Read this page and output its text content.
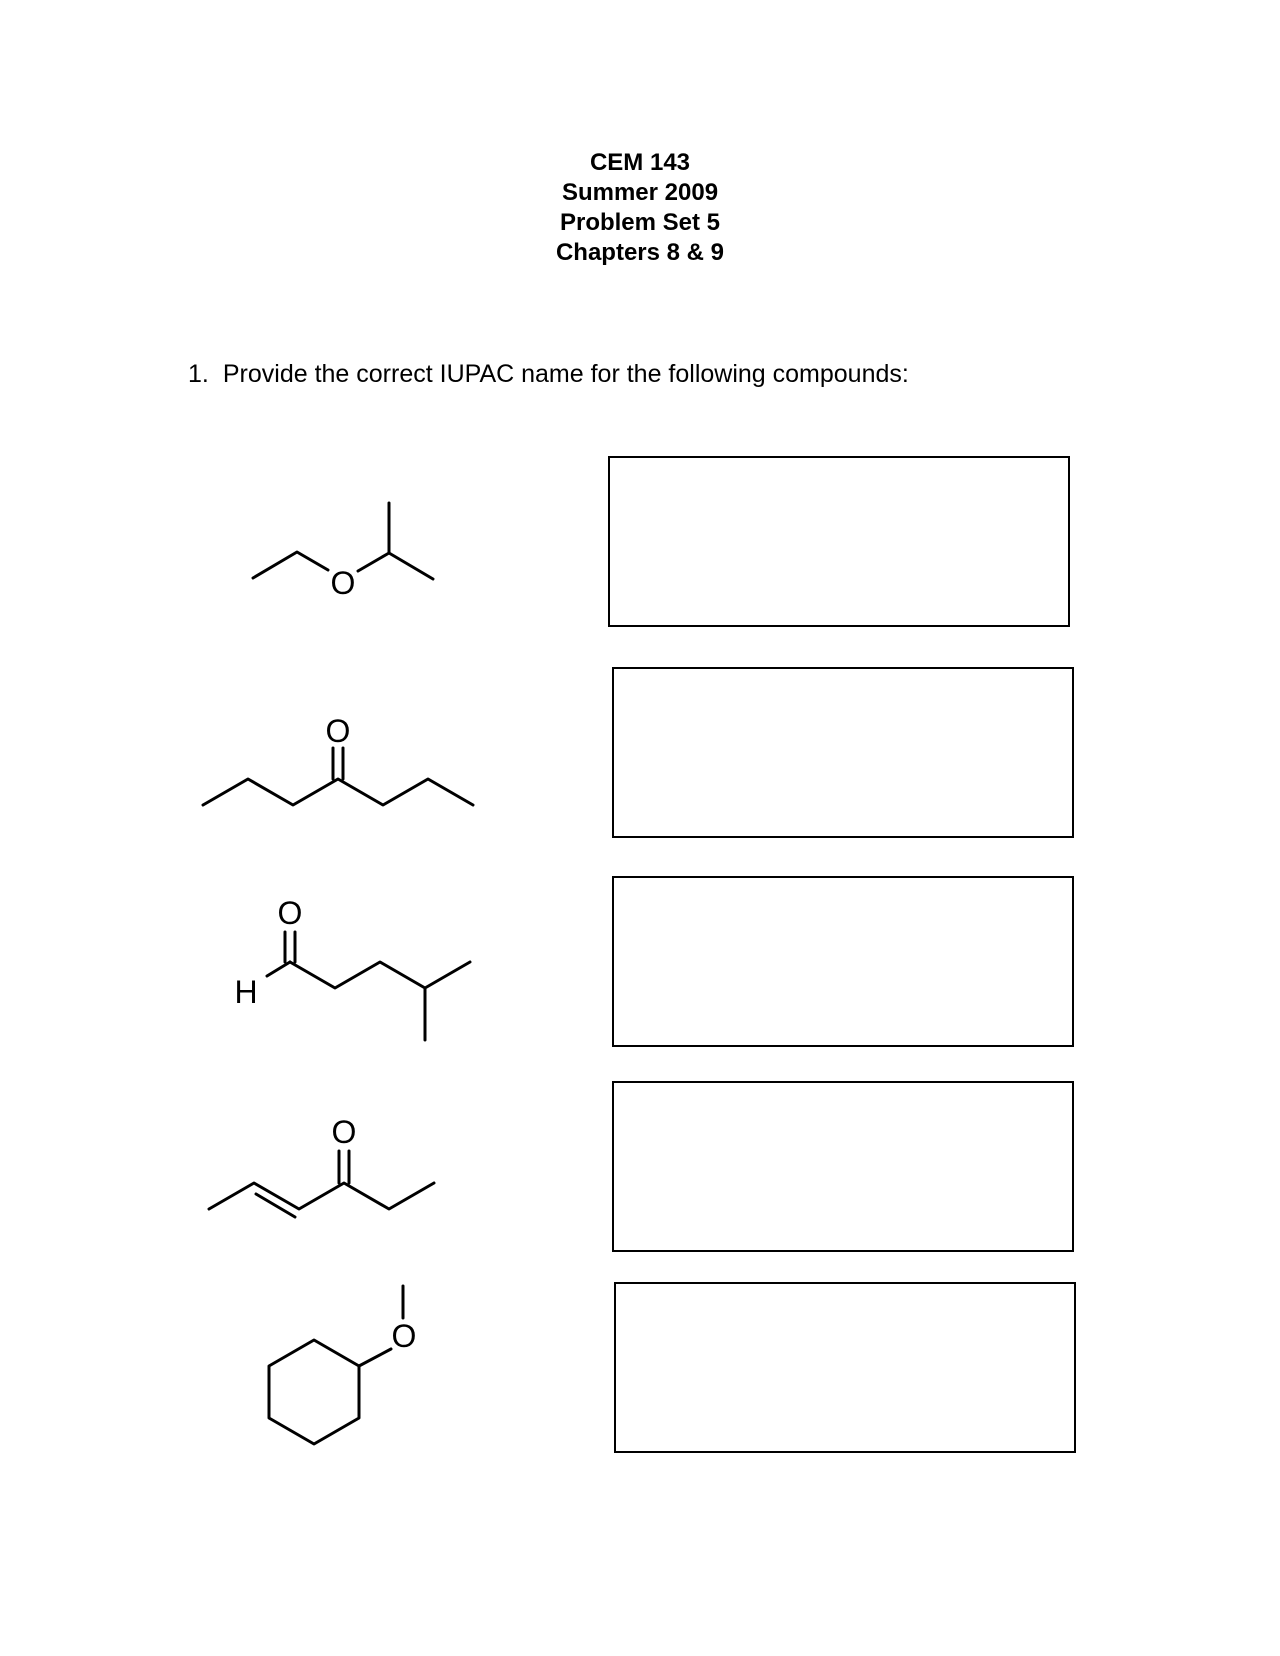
CEM 143
Summer 2009
Problem Set 5
Chapters 8 & 9
1. Provide the correct IUPAC name for the following compounds:
O
O
O
H
O
O
